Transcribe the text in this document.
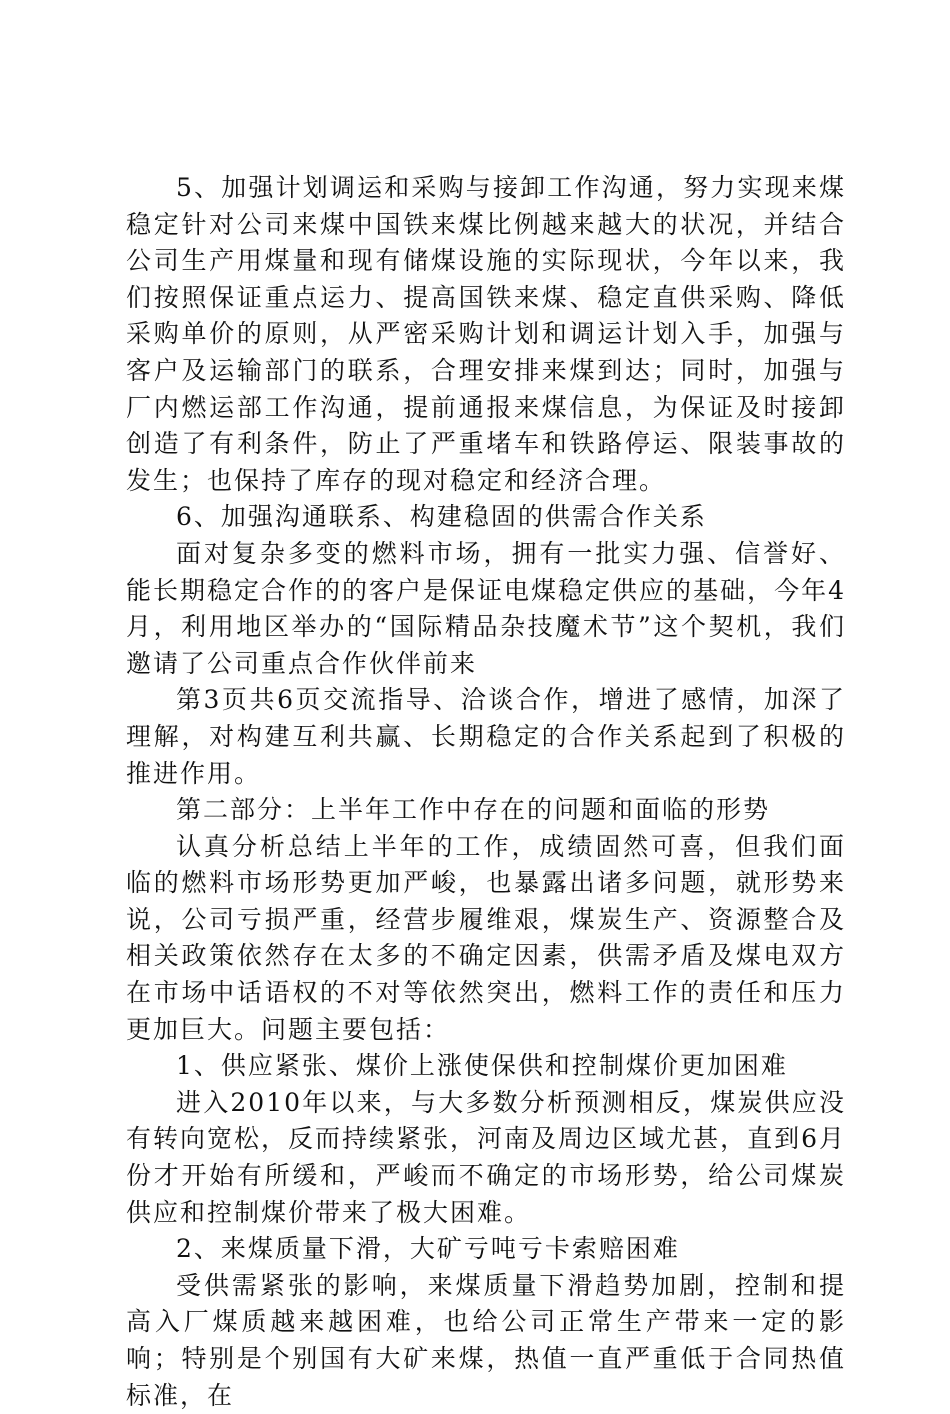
5、加强计划调运和采购与接卸工作沟通，努力实现来煤稳定针对公司来煤中国铁来煤比例越来越大的状况，并结合公司生产用煤量和现有储煤设施的实际现状，今年以来，我们按照保证重点运力、提高国铁来煤、稳定直供采购、降低采购单价的原则，从严密采购计划和调运计划入手，加强与客户及运输部门的联系，合理安排来煤到达；同时，加强与厂内燃运部工作沟通，提前通报来煤信息，为保证及时接卸创造了有利条件，防止了严重堵车和铁路停运、限装事故的发生；也保持了库存的现对稳定和经济合理。

6、加强沟通联系、构建稳固的供需合作关系

面对复杂多变的燃料市场，拥有一批实力强、信誉好、能长期稳定合作的的客户是保证电煤稳定供应的基础，今年4月，利用地区举办的“国际精品杂技魔术节”这个契机，我们邀请了公司重点合作伙伴前来

第3页共6页交流指导、洽谈合作，增进了感情，加深了理解，对构建互利共赢、长期稳定的合作关系起到了积极的推进作用。

第二部分：上半年工作中存在的问题和面临的形势

认真分析总结上半年的工作，成绩固然可喜，但我们面临的燃料市场形势更加严峻，也暴露出诸多问题，就形势来说，公司亏损严重，经营步履维艰，煤炭生产、资源整合及相关政策依然存在太多的不确定因素，供需矛盾及煤电双方在市场中话语权的不对等依然突出，燃料工作的责任和压力更加巨大。问题主要包括：

1、供应紧张、煤价上涨使保供和控制煤价更加困难

进入2010年以来，与大多数分析预测相反，煤炭供应没有转向宽松，反而持续紧张，河南及周边区域尤甚，直到6月份才开始有所缓和，严峻而不确定的市场形势，给公司煤炭供应和控制煤价带来了极大困难。

2、来煤质量下滑，大矿亏吨亏卡索赔困难

受供需紧张的影响，来煤质量下滑趋势加剧，控制和提高入厂煤质越来越困难，也给公司正常生产带来一定的影响；特别是个别国有大矿来煤，热值一直严重低于合同热值标准，在
